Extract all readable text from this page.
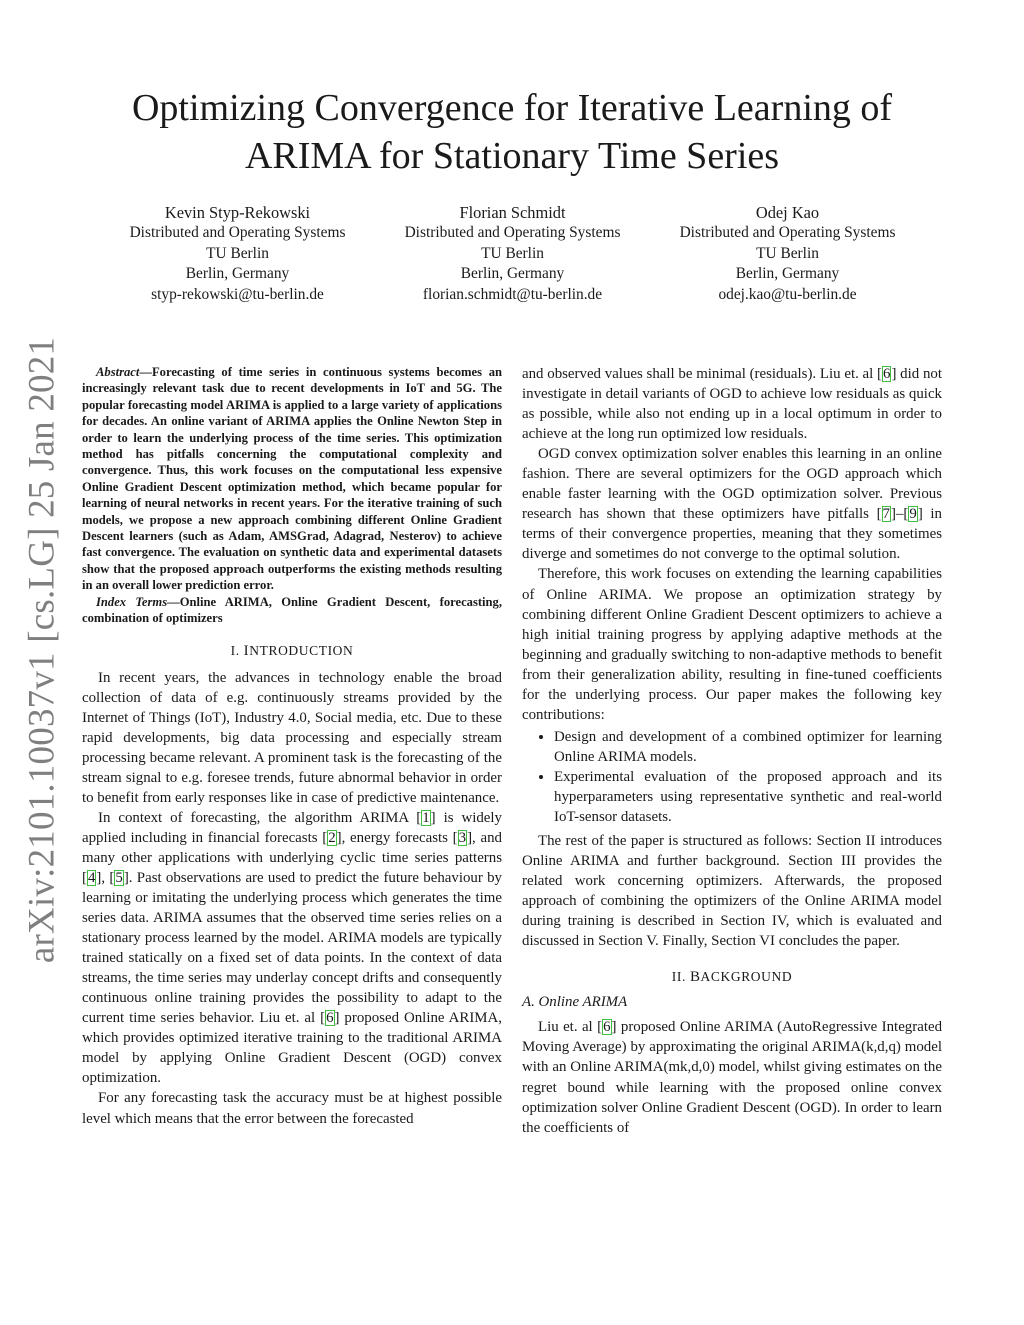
arXiv:2101.10037v1 [cs.LG] 25 Jan 2021
Optimizing Convergence for Iterative Learning of ARIMA for Stationary Time Series
Kevin Styp-Rekowski
Distributed and Operating Systems
TU Berlin
Berlin, Germany
styp-rekowski@tu-berlin.de
Florian Schmidt
Distributed and Operating Systems
TU Berlin
Berlin, Germany
florian.schmidt@tu-berlin.de
Odej Kao
Distributed and Operating Systems
TU Berlin
Berlin, Germany
odej.kao@tu-berlin.de

Abstract—Forecasting of time series in continuous systems becomes an increasingly relevant task due to recent developments in IoT and 5G. The popular forecasting model ARIMA is applied to a large variety of applications for decades. An online variant of ARIMA applies the Online Newton Step in order to learn the underlying process of the time series. This optimization method has pitfalls concerning the computational complexity and convergence. Thus, this work focuses on the computational less expensive Online Gradient Descent optimization method, which became popular for learning of neural networks in recent years. For the iterative training of such models, we propose a new approach combining different Online Gradient Descent learners (such as Adam, AMSGrad, Adagrad, Nesterov) to achieve fast convergence. The evaluation on synthetic data and experimental datasets show that the proposed approach outperforms the existing methods resulting in an overall lower prediction error.

Index Terms—Online ARIMA, Online Gradient Descent, forecasting, combination of optimizers

I. INTRODUCTION

In recent years, the advances in technology enable the broad collection of data of e.g. continuously streams provided by the Internet of Things (IoT), Industry 4.0, Social media, etc. Due to these rapid developments, big data processing and especially stream processing became relevant. A prominent task is the forecasting of the stream signal to e.g. foresee trends, future abnormal behavior in order to benefit from early responses like in case of predictive maintenance.

In context of forecasting, the algorithm ARIMA [1] is widely applied including in financial forecasts [2], energy forecasts [3], and many other applications with underlying cyclic time series patterns [4], [5]. Past observations are used to predict the future behaviour by learning or imitating the underlying process which generates the time series data. ARIMA assumes that the observed time series relies on a stationary process learned by the model. ARIMA models are typically trained statically on a fixed set of data points. In the context of data streams, the time series may underlay concept drifts and consequently continuous online training provides the possibility to adapt to the current time series behavior. Liu et. al [6] proposed Online ARIMA, which provides optimized iterative training to the traditional ARIMA model by applying Online Gradient Descent (OGD) convex optimization.

For any forecasting task the accuracy must be at highest possible level which means that the error between the forecasted

and observed values shall be minimal (residuals). Liu et. al [6] did not investigate in detail variants of OGD to achieve low residuals as quick as possible, while also not ending up in a local optimum in order to achieve at the long run optimized low residuals.

OGD convex optimization solver enables this learning in an online fashion. There are several optimizers for the OGD approach which enable faster learning with the OGD optimization solver. Previous research has shown that these optimizers have pitfalls [7]–[9] in terms of their convergence properties, meaning that they sometimes diverge and sometimes do not converge to the optimal solution.

Therefore, this work focuses on extending the learning capabilities of Online ARIMA. We propose an optimization strategy by combining different Online Gradient Descent optimizers to achieve a high initial training progress by applying adaptive methods at the beginning and gradually switching to non-adaptive methods to benefit from their generalization ability, resulting in fine-tuned coefficients for the underlying process. Our paper makes the following key contributions:

• Design and development of a combined optimizer for learning Online ARIMA models.
• Experimental evaluation of the proposed approach and its hyperparameters using representative synthetic and real-world IoT-sensor datasets.

The rest of the paper is structured as follows: Section II introduces Online ARIMA and further background. Section III provides the related work concerning optimizers. Afterwards, the proposed approach of combining the optimizers of the Online ARIMA model during training is described in Section IV, which is evaluated and discussed in Section V. Finally, Section VI concludes the paper.

II. BACKGROUND
A. Online ARIMA

Liu et. al [6] proposed Online ARIMA (AutoRegressive Integrated Moving Average) by approximating the original ARIMA(k,d,q) model with an Online ARIMA(mk,d,0) model, whilst giving estimates on the regret bound while learning with the proposed online convex optimization solver Online Gradient Descent (OGD). In order to learn the coefficients of
